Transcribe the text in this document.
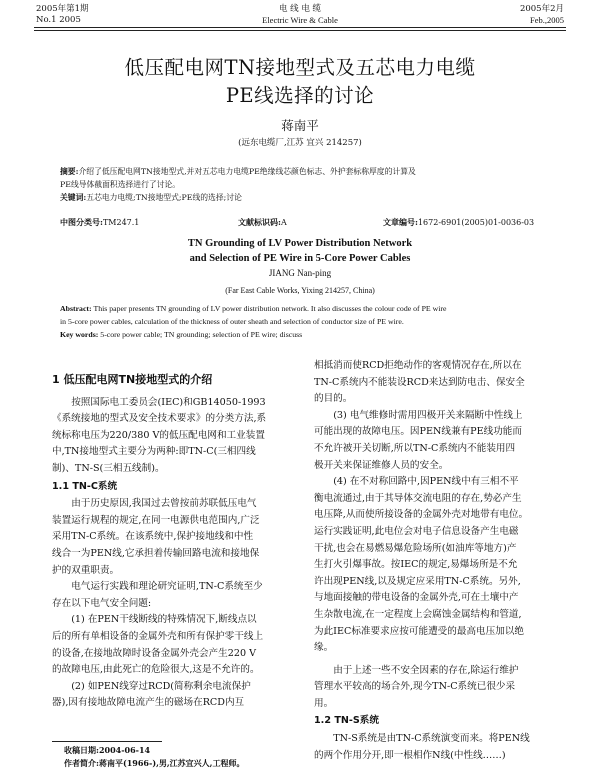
2005年第1期
No.1 2005
电 线 电 缆
Electric Wire & Cable
2005年2月
Feb.,2005
低压配电网TN接地型式及五芯电力电缆
PE线选择的讨论
蒋南平
(远东电缆厂,江苏 宜兴 214257)
摘要:介绍了低压配电网TN接地型式,并对五芯电力电缆PE绝缘线芯颜色标志、外护套标称厚度的计算及
PE线导体截面积选择进行了讨论。
关键词:五芯电力电缆;TN接地型式;PE线的选择;讨论
中图分类号:TM247.1	文献标识码:A	文章编号:1672-6901(2005)01-0036-03
TN Grounding of LV Power Distribution Network
and Selection of PE Wire in 5-Core Power Cables
JIANG Nan-ping
(Far East Cable Works, Yixing 214257, China)
Abstract: This paper presents TN grounding of LV power distribution network. It also discusses the colour code of PE wire
in 5-core power cables, calculation of the thickness of outer sheath and selection of conductor size of PE wire.
Key words: 5-core power cable; TN grounding; selection of PE wire; discuss
1 低压配电网TN接地型式的介绍

按照国际电工委员会(IEC)和GB14050-1993
《系统接地的型式及安全技术要求》的分类方法,系
统标称电压为220/380 V的低压配电网和工业装置
中,TN接地型式主要分为两种:即TN-C(三相四线
制)、TN-S(三相五线制)。

1.1 TN-C系统

由于历史原因,我国过去曾按前苏联低压电气
装置运行规程的规定,在同一电源供电范围内,广泛
采用TN-C系统。在该系统中,保护接地线和中性
线合一为PEN线,它承担着传输回路电流和接地保
护的双重职责。

电气运行实践和理论研究证明,TN-C系统至少
存在以下电气安全问题:

(1) 在PEN干线断线的特殊情况下,断线点以
后的所有单相设备的金属外壳和所有保护零干线上
的设备,在接地故障时设备金属外壳会产生220 V
的故障电压,由此死亡的危险很大,这是不允许的。

(2) 如PEN线穿过RCD(简称剩余电流保护
器),因有接地故障电流产生的磁场在RCD内互

相抵消而使RCD拒绝动作的客观情况存在,所以在
TN-C系统内不能装设RCD来达到防电击、保安全
的目的。

(3) 电气维修时需用四极开关来隔断中性线上
可能出现的故障电压。因PEN线兼有PE线功能而
不允许被开关切断,所以TN-C系统内不能装用四
极开关来保证维修人员的安全。

(4) 在不对称回路中,因PEN线中有三相不平
衡电流通过,由于其导体交流电阻的存在,势必产生
电压降,从而使所接设备的金属外壳对地带有电位。
运行实践证明,此电位会对电子信息设备产生电磁
干扰,也会在易燃易爆危险场所(如油库等地方)产
生打火引爆事故。按IEC的规定,易爆场所是不允
许出现PEN线,以及规定应采用TN-C系统。另外,
与地面接触的带电设备的金属外壳,可在土壤中产
生杂散电流,在一定程度上会腐蚀金属结构和管道,
为此IEC标准要求应按可能遭受的最高电压加以绝
缘。

由于上述一些不安全因素的存在,除运行维护
管理水平较高的场合外,现今TN-C系统已很少采
用。

1.2 TN-S系统

TN-S系统是由TN-C系统演变而来。将PEN线
的两个作用分开,即一根相作N线(中性线……)

收稿日期:2004-06-14
作者简介:蒋南平(1966-),男,江苏宜兴人,工程师。
